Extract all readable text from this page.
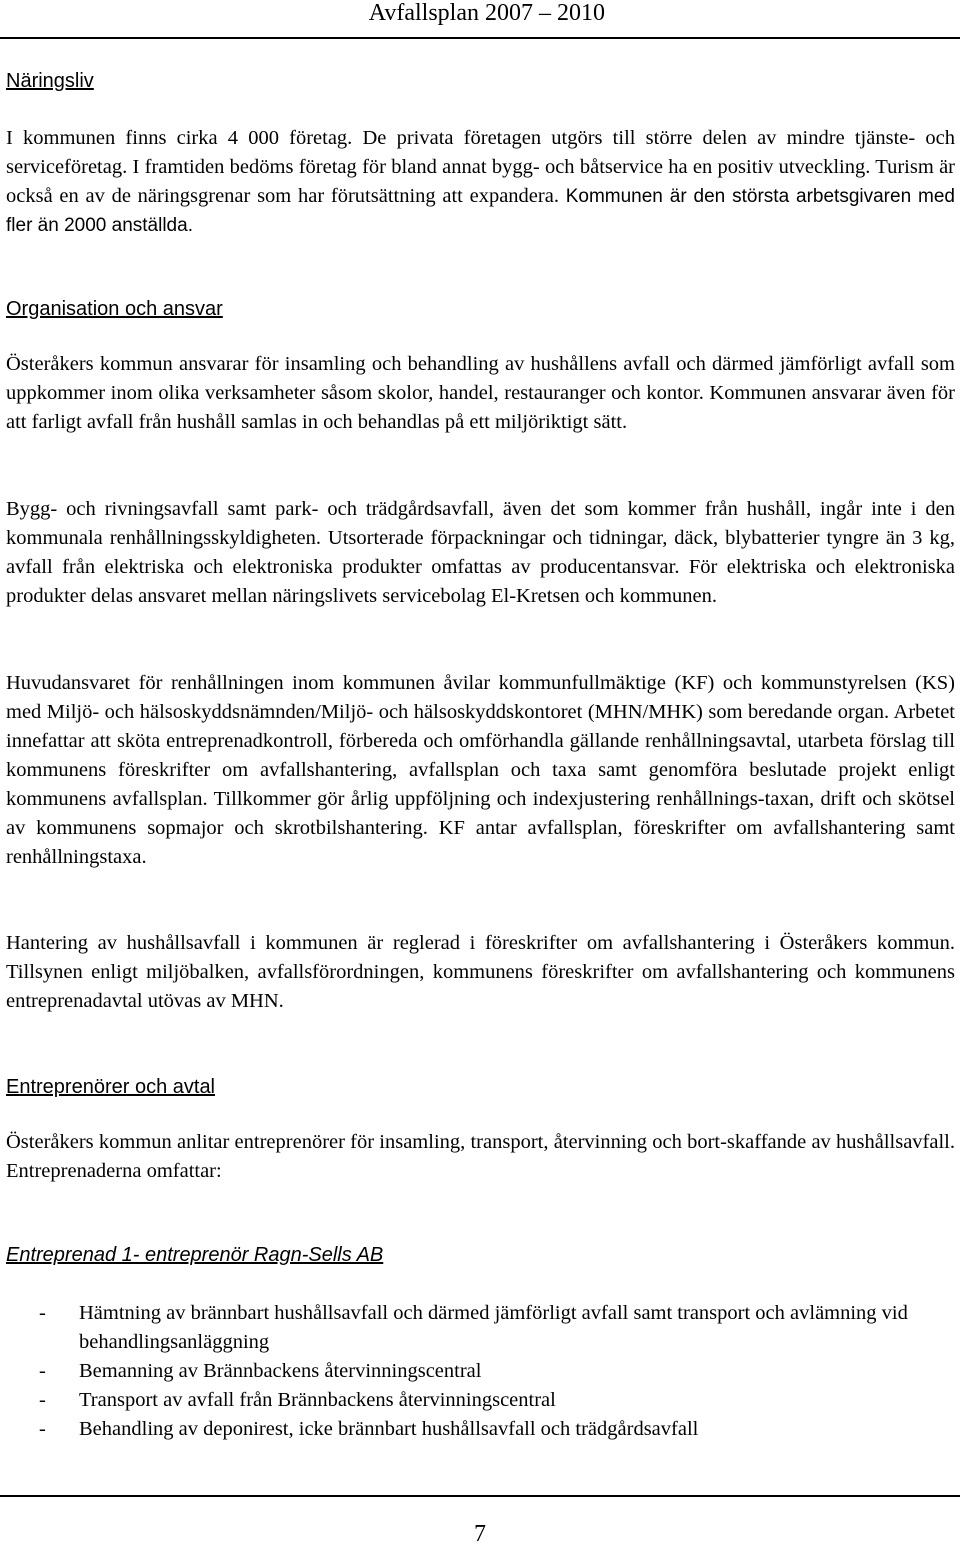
Avfallsplan 2007 – 2010
Näringsliv

I kommunen finns cirka 4 000 företag. De privata företagen utgörs till större delen av mindre tjänste- och serviceföretag. I framtiden bedöms företag för bland annat bygg- och båtservice ha en positiv utveckling. Turism är också en av de näringsgrenar som har förutsättning att expandera. Kommunen är den största arbetsgivaren med fler än 2000 anställda.

Organisation och ansvar

Österåkers kommun ansvarar för insamling och behandling av hushållens avfall och därmed jämförligt avfall som uppkommer inom olika verksamheter såsom skolor, handel, restauranger och kontor. Kommunen ansvarar även för att farligt avfall från hushåll samlas in och behandlas på ett miljöriktigt sätt.

Bygg- och rivningsavfall samt park- och trädgårdsavfall, även det som kommer från hushåll, ingår inte i den kommunala renhållningsskyldigheten. Utsorterade förpackningar och tidningar, däck, blybatterier tyngre än 3 kg, avfall från elektriska och elektroniska produkter omfattas av producentansvar. För elektriska och elektroniska produkter delas ansvaret mellan näringslivets servicebolag El-Kretsen och kommunen.

Huvudansvaret för renhållningen inom kommunen åvilar kommunfullmäktige (KF) och kommunstyrelsen (KS) med Miljö- och hälsoskyddsnämnden/Miljö- och hälsoskyddskontoret (MHN/MHK) som beredande organ. Arbetet innefattar att sköta entreprenadkontroll, förbereda och omförhandla gällande renhållningsavtal, utarbeta förslag till kommunens föreskrifter om avfallshantering, avfallsplan och taxa samt genomföra beslutade projekt enligt kommunens avfallsplan. Tillkommer gör årlig uppföljning och indexjustering renhållnings-taxan, drift och skötsel av kommunens sopmajor och skrotbilshantering. KF antar avfallsplan, föreskrifter om avfallshantering samt renhållningstaxa.

Hantering av hushållsavfall i kommunen är reglerad i föreskrifter om avfallshantering i Österåkers kommun. Tillsynen enligt miljöbalken, avfallsförordningen, kommunens föreskrifter om avfallshantering och kommunens entreprenadavtal utövas av MHN.

Entreprenörer och avtal

Österåkers kommun anlitar entreprenörer för insamling, transport, återvinning och bort-skaffande av hushållsavfall. Entreprenaderna omfattar:

Entreprenad 1- entreprenör Ragn-Sells AB
- Hämtning av brännbart hushållsavfall och därmed jämförligt avfall samt transport och avlämning vid behandlingsanläggning
- Bemanning av Brännbackens återvinningscentral
- Transport av avfall från Brännbackens återvinningscentral
- Behandling av deponirest, icke brännbart hushållsavfall och trädgårdsavfall
7
